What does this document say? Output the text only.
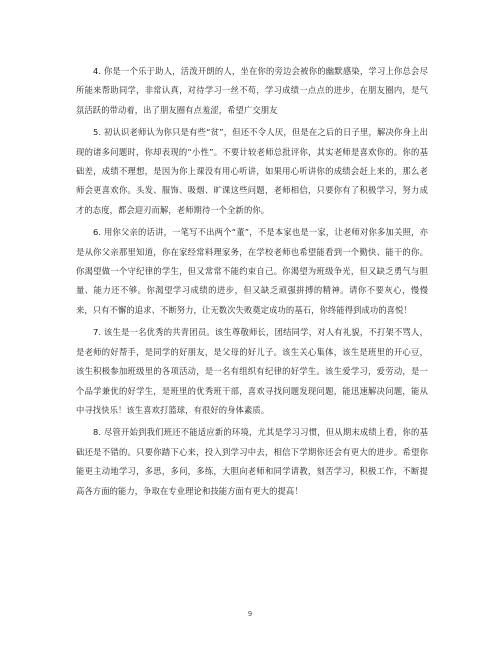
4. 你是一个乐于助人，活泼开朗的人，坐在你的旁边会被你的幽默感染，学习上你总会尽所能来帮助同学，非常认真，对待学习一丝不苟，学习成绩一点点的进步，在朋友圈内，是气氛活跃的带动着，出了朋友圈有点羞涩，希望广交朋友

5. 初认识老师认为你只是有些“贫”，但还不令人厌，但是在之后的日子里，解决你身上出现的诸多问题时，你却表现的“小性”。不要计较老师总批评你，其实老师是喜欢你的。你的基础差，成绩不理想，是因为你上课没有用心听讲，如果用心听讲你的成绩会赶上来的，那么老师会更喜欢你。头发、服饰、吸烟、旷课这些问题，老师相信，只要你有了积极学习，努力成才的态度，都会迎刃而解，老师期待一个全新的你。

6. 用你父亲的话讲，一笔写不出两个“董”，不是本家也是一家，让老师对你多加关照，亦是从你父亲那里知道，你在家经常料理家务，在学校老师也希望能看到一个勤快、能干的你。你渴望做一个守纪律的学生，但又常常不能约束自己。你渴望为班级争光，但又缺乏勇气与胆量、能力还不够。你渴望学习成绩的进步，但又缺乏顽强拼搏的精神。请你不要灰心，慢慢来，只有不懈的追求、不断努力，让无数次失败奠定成功的基石，你终能得到成功的喜悦！

7. 该生是一名优秀的共青团员。该生尊敬师长，团结同学，对人有礼貌，不打架不骂人，是老师的好帮手，是同学的好朋友，是父母的好儿子。该生关心集体，该生是班里的开心豆，该生积极参加班级里的各项活动，是一名有组织有纪律的好学生。该生爱学习，爱劳动，是一个品学兼优的好学生，是班里的优秀班干部，喜欢寻找问题发现问题，能迅速解决问题，能从中寻找快乐！该生喜欢打篮球，有很好的身体素质。

8. 尽管开始到我们班还不能适应新的环境，尤其是学习习惯，但从期末成绩上看，你的基础还是不错的。只要你踏下心来，投入到学习中去，相信下学期你还会有更大的进步。希望你能更主动地学习，多思，多问，多练，大胆向老师和同学请教，刻苦学习，积极工作，不断提高各方面的能力，争取在专业理论和技能方面有更大的提高！

9
